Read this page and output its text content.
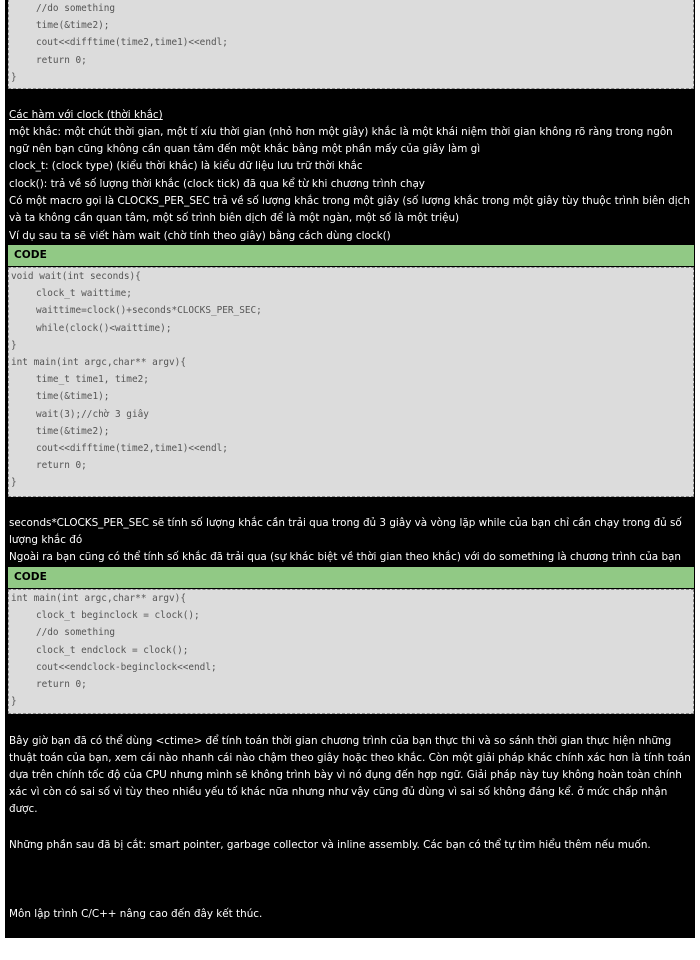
//do something
time(&time2);
cout<<difftime(time2,time1)<<endl;
return 0;
}
Các hàm với clock (thời khắc)
một khắc: một chút thời gian, một tí xíu thời gian (nhỏ hơn một giây) khắc là một khái niệm thời gian không rõ ràng trong ngôn ngữ nên bạn cũng không cần quan tâm đến một khắc bằng một phần mấy của giây làm gì
clock_t: (clock type) (kiểu thời khắc) là kiểu dữ liệu lưu trữ thời khắc
clock(): trả về số lượng thời khắc (clock tick) đã qua kể từ khi chương trình chạy
Có một macro gọi là CLOCKS_PER_SEC trả về số lượng khắc trong một giây (số lượng khắc trong một giây tùy thuộc trình biên dịch và ta không cần quan tâm, một số trình biên dịch để là một ngàn, một số là một triệu)
Ví dụ sau ta sẽ viết hàm wait (chờ tính theo giây) bằng cách dùng clock()
CODE
void wait(int seconds){
clock_t waittime;
waittime=clock()+seconds*CLOCKS_PER_SEC;
while(clock()<waittime);
}
int main(int argc,char** argv){
time_t time1, time2;
time(&time1);
wait(3);//chờ 3 giây
time(&time2);
cout<<difftime(time2,time1)<<endl;
return 0;
}
seconds*CLOCKS_PER_SEC sẽ tính số lượng khắc cần trải qua trong đủ 3 giây và vòng lặp while của bạn chỉ cần chạy trong đủ số lượng khắc đó
Ngoài ra bạn cũng có thể tính số khắc đã trải qua (sự khác biệt về thời gian theo khắc) với do something là chương trình của bạn
CODE
int main(int argc,char** argv){
clock_t beginclock = clock();
//do something
clock_t endclock = clock();
cout<<endclock-beginclock<<endl;
return 0;
}
Bây giờ bạn đã có thể dùng <ctime> để tính toán thời gian chương trình của bạn thực thi và so sánh thời gian thực hiện những thuật toán của bạn, xem cái nào nhanh cái nào chậm theo giây hoặc theo khắc. Còn một giải pháp khác chính xác hơn là tính toán dựa trên chính tốc độ của CPU nhưng mình sẽ không trình bày vì nó đụng đến hợp ngữ. Giải pháp này tuy không hoàn toàn chính xác vì còn có sai số vì tùy theo nhiều yếu tố khác nữa nhưng như vậy cũng đủ dùng vì sai số không đáng kể. ở mức chấp nhận được.
Những phần sau đã bị cắt: smart pointer, garbage collector và inline assembly. Các bạn có thể tự tìm hiểu thêm nếu muốn.
Môn lập trình C/C++ nâng cao đến đây kết thúc.
